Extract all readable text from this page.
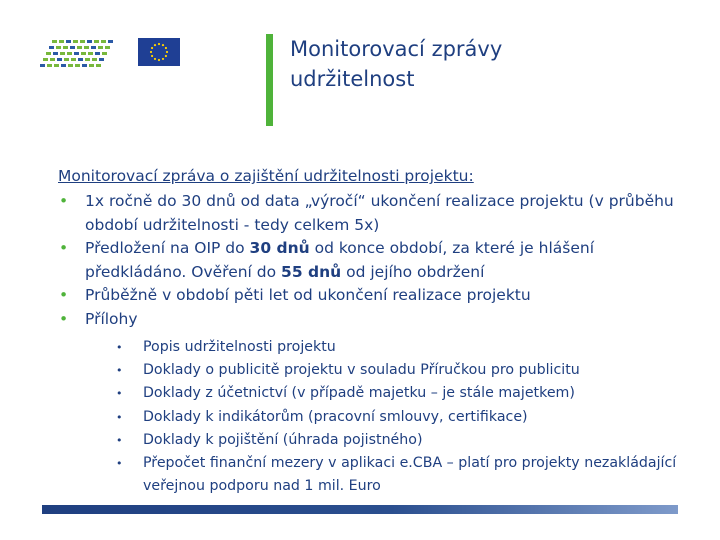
Monitorovací zprávy
udržitelnost

Monitorovací zpráva o zajištění udržitelnosti projektu:

• 1x ročně do 30 dnů od data „výročí“ ukončení realizace projektu (v průběhu období udržitelnosti - tedy celkem 5x)
• Předložení na OIP do 30 dnů od konce období, za které je hlášení předkládáno. Ověření do 55 dnů od jejího obdržení
• Průběžně v období pěti let od ukončení realizace projektu
• Přílohy
• Popis udržitelnosti projektu
• Doklady o publicitě projektu v souladu Příručkou pro publicitu
• Doklady z účetnictví (v případě majetku – je stále majetkem)
• Doklady k indikátorům (pracovní smlouvy, certifikace)
• Doklady k pojištění (úhrada pojistného)
• Přepočet finanční mezery v aplikaci e.CBA – platí pro projekty nezakládající veřejnou podporu nad 1 mil. Euro
